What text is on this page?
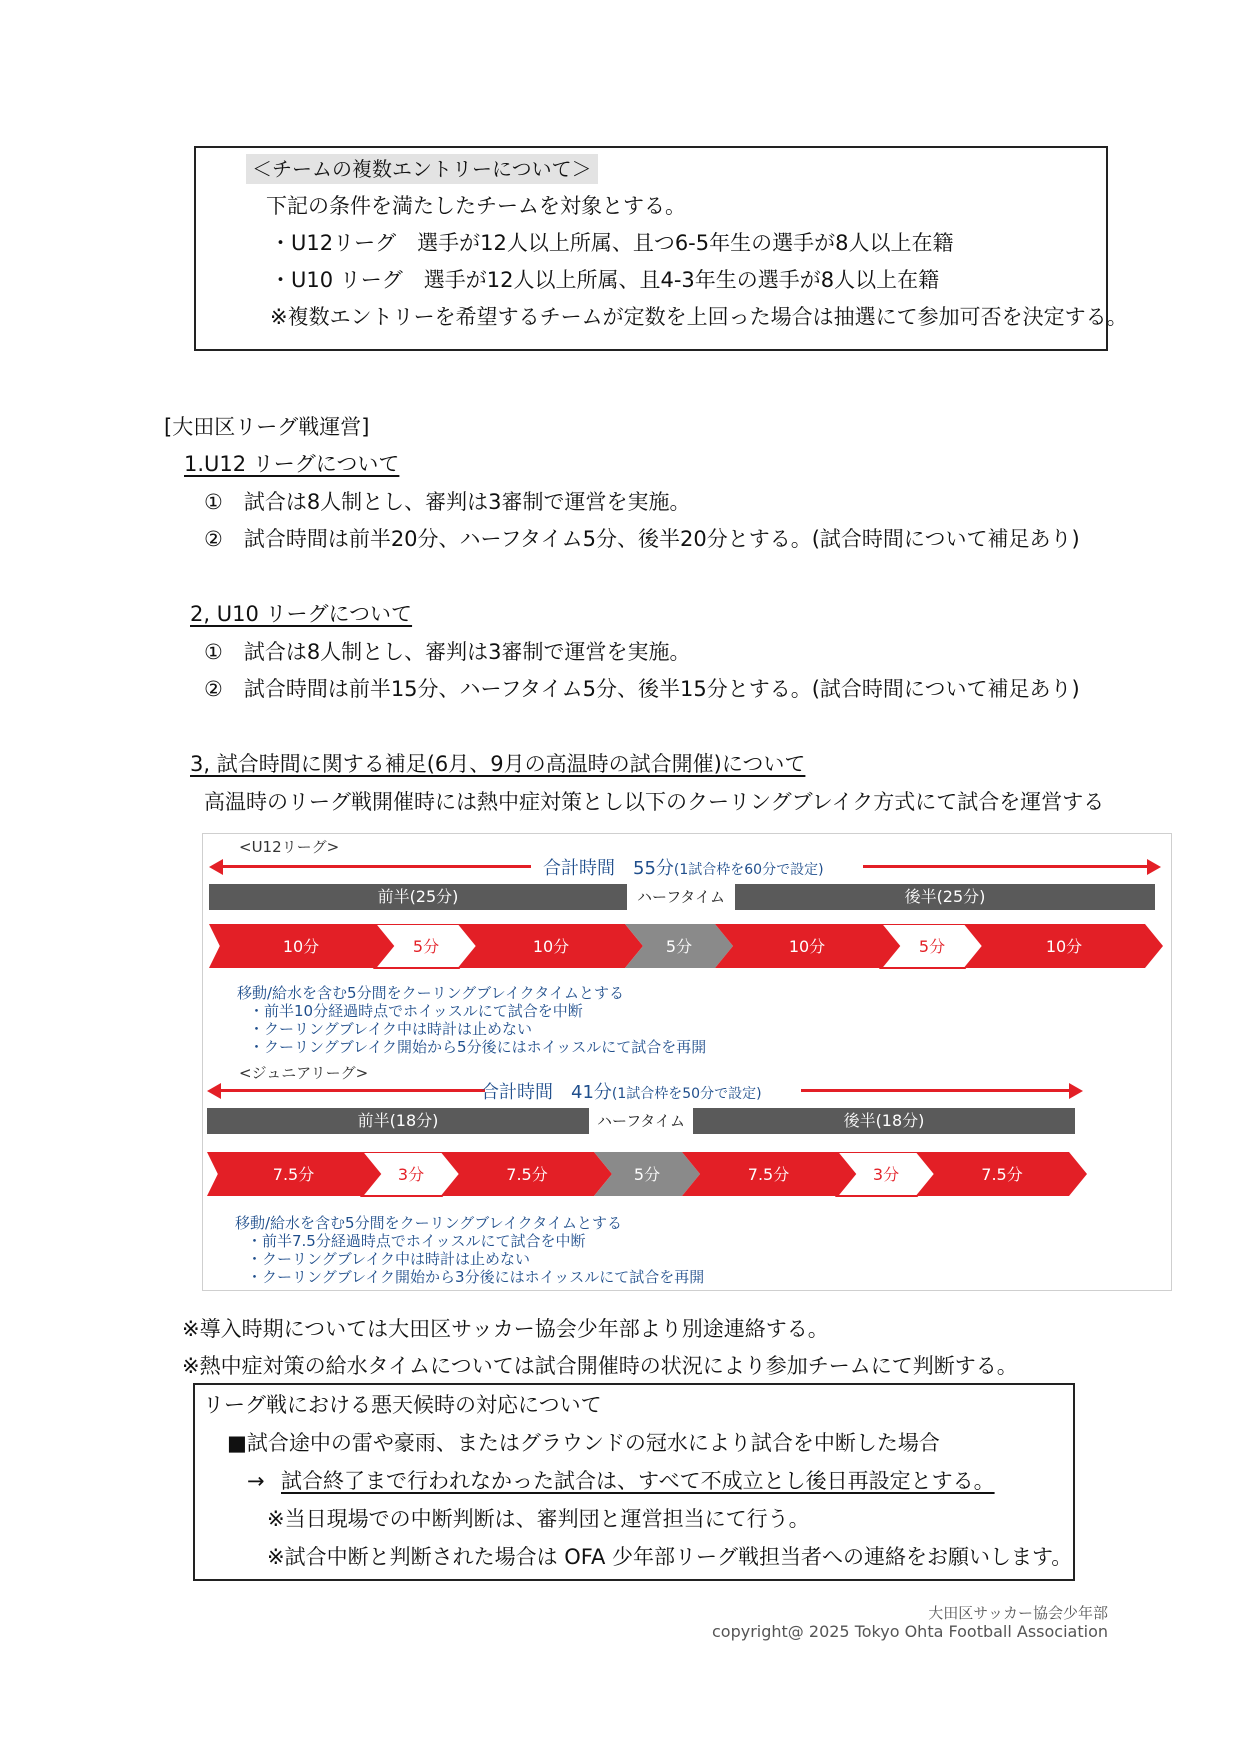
＜チームの複数エントリーについて＞
下記の条件を満たしたチームを対象とする。
・U12リーグ　選手が12人以上所属、且つ6-5年生の選手が8人以上在籍
・U10 リーグ　選手が12人以上所属、且4-3年生の選手が8人以上在籍
※複数エントリーを希望するチームが定数を上回った場合は抽選にて参加可否を決定する。
[大田区リーグ戦運営]
1.U12 リーグについて
①　試合は8人制とし、審判は3審制で運営を実施。
②　試合時間は前半20分、ハーフタイム5分、後半20分とする。(試合時間について補足あり)
2, U10 リーグについて
①　試合は8人制とし、審判は3審制で運営を実施。
②　試合時間は前半15分、ハーフタイム5分、後半15分とする。(試合時間について補足あり)
3, 試合時間に関する補足(6月、9月の高温時の試合開催)について
高温時のリーグ戦開催時には熱中症対策とし以下のクーリングブレイク方式にて試合を運営する
<U12リーグ>
合計時間　55分(1試合枠を60分で設定)
前半(25分)	ハーフタイム	後半(25分)
10分	5分	10分	5分	10分	5分	10分
移動/給水を含む5分間をクーリングブレイクタイムとする
・前半10分経過時点でホイッスルにて試合を中断
・クーリングブレイク中は時計は止めない
・クーリングブレイク開始から5分後にはホイッスルにて試合を再開
<ジュニアリーグ>
合計時間　41分(1試合枠を50分で設定)
前半(18分)	ハーフタイム	後半(18分)
7.5分	3分	7.5分	5分	7.5分	3分	7.5分
移動/給水を含む5分間をクーリングブレイクタイムとする
・前半7.5分経過時点でホイッスルにて試合を中断
・クーリングブレイク中は時計は止めない
・クーリングブレイク開始から3分後にはホイッスルにて試合を再開
※導入時期については大田区サッカー協会少年部より別途連絡する。
※熱中症対策の給水タイムについては試合開催時の状況により参加チームにて判断する。
リーグ戦における悪天候時の対応について
■試合途中の雷や豪雨、またはグラウンドの冠水により試合を中断した場合
→ 試合終了まで行われなかった試合は、すべて不成立とし後日再設定とする。
※当日現場での中断判断は、審判団と運営担当にて行う。
※試合中断と判断された場合は OFA 少年部リーグ戦担当者への連絡をお願いします。
大田区サッカー協会少年部
copyright@ 2025 Tokyo Ohta Football Association
